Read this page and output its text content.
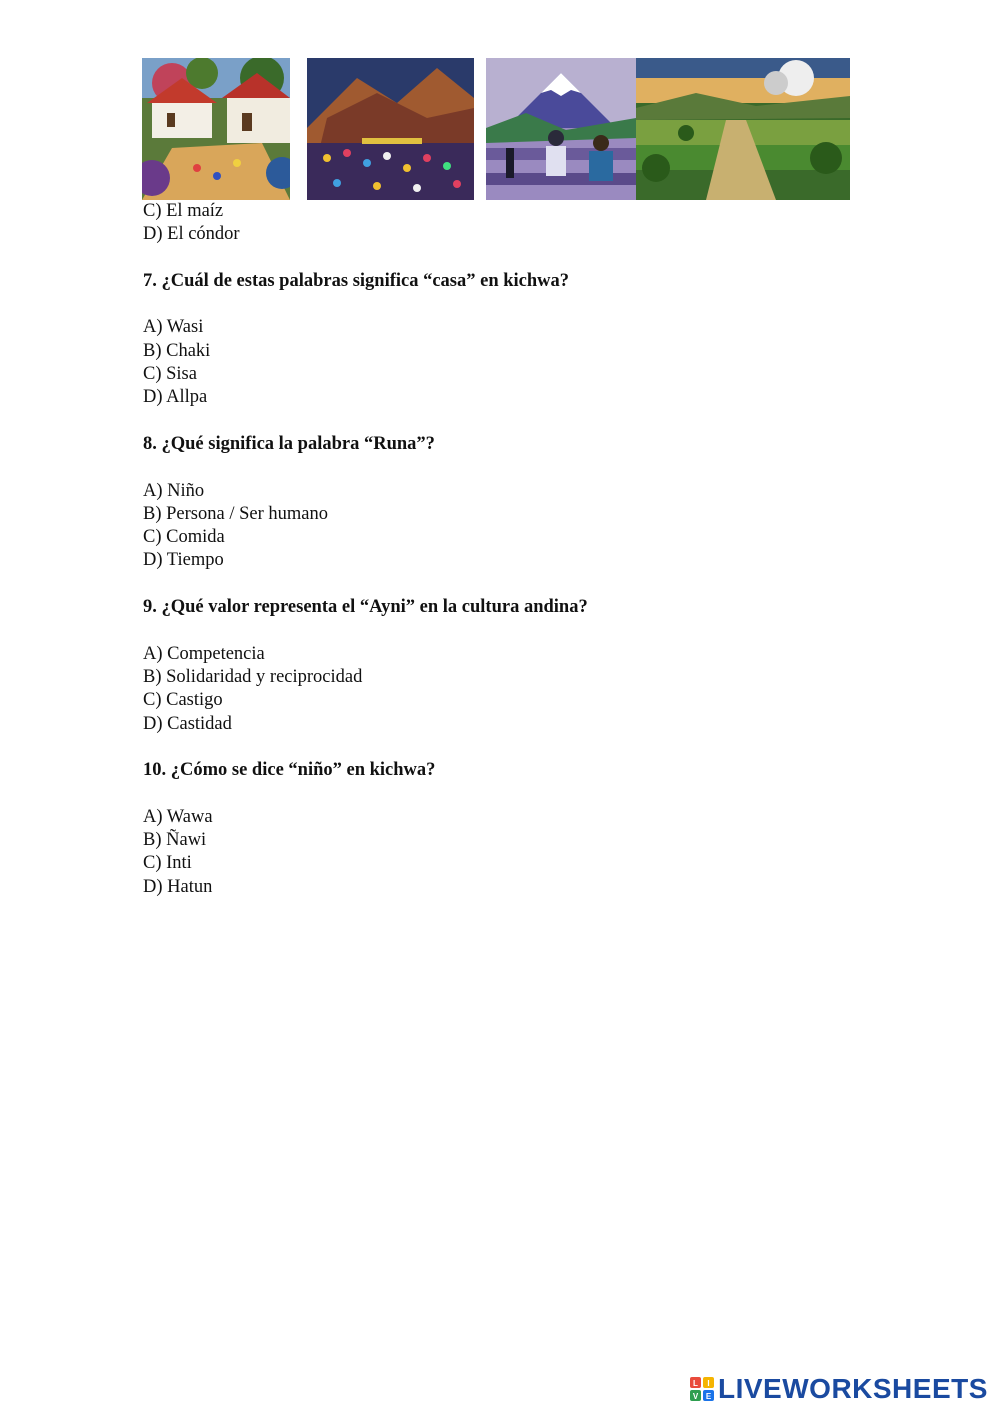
C) El maíz

D) El cóndor

7. ¿Cuál de estas palabras significa “casa” en kichwa?

A) Wasi

B) Chaki

C) Sisa

D) Allpa

8. ¿Qué significa la palabra “Runa”?

A) Niño

B) Persona / Ser humano

C) Comida

D) Tiempo

9. ¿Qué valor representa el “Ayni” en la cultura andina?

A) Competencia

B) Solidaridad y reciprocidad

C) Castigo

D) Castidad

10. ¿Cómo se dice “niño” en kichwa?

A) Wawa

B) Ñawi

C) Inti

D) Hatun

L I
V E LIVEWORKSHEETS
